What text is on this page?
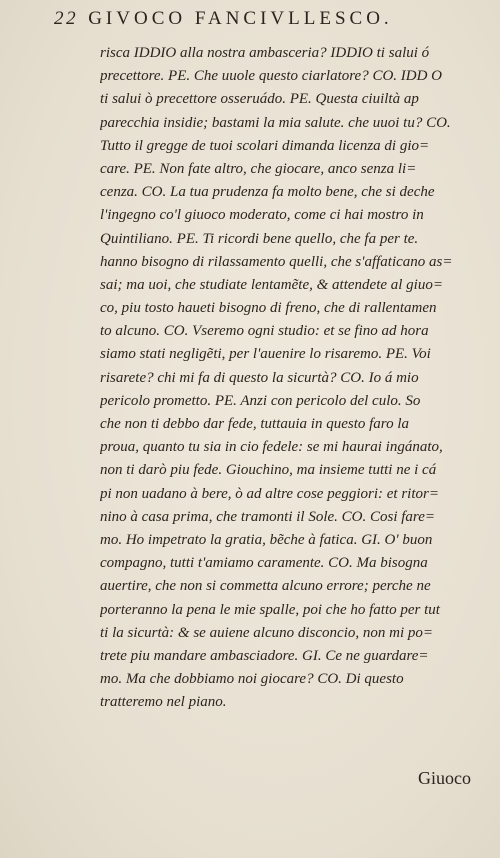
22 GIVOCO FANCIVLLESCO.
risca IDDIO alla nostra ambasceria? IDDIO ti salui ó
precettore. PE. Che uuole questo ciarlatore? CO. IDD O
ti salui ò precettore osseruádo. PE. Questa ciuiltà ap
parecchia insidie; bastami la mia salute. che uuoi tu? CO.
Tutto il gregge de tuoi scolari dimanda licenza di gio=
care. PE. Non fate altro, che giocare, anco senza li=
cenza. CO. La tua prudenza fa molto bene, che si deche
l'ingegno co'l giuoco moderato, come ci hai mostro in
Quintiliano. PE. Ti ricordi bene quello, che fa per te.
hanno bisogno di rilassamento quelli, che s'affaticano as=
sai; ma uoi, che studiate lentamẽte, & attendete al giuo=
co, piu tosto haueti bisogno di freno, che di rallentamen
to alcuno. CO. Vseremo ogni studio: et se fino ad hora
siamo stati negligẽti, per l'auenire lo risaremo. PE. Voi
risarete? chi mi fa di questo la sicurtà? CO. Io á mio
pericolo prometto. PE. Anzi con pericolo del culo. So
che non ti debbo dar fede, tuttauia in questo faro la
proua, quanto tu sia in cio fedele: se mi haurai ingánato,
non ti darò piu fede. Giouchino, ma insieme tutti ne i cá
pi non uadano à bere, ò ad altre cose peggiori: et ritor=
nino à casa prima, che tramonti il Sole. CO. Cosi fare=
mo. Ho impetrato la gratia, bẽche à fatica. GI. O' buon
compagno, tutti t'amiamo caramente. CO. Ma bisogna
auertire, che non si commetta alcuno errore; perche ne
porteranno la pena le mie spalle, poi che ho fatto per tut
ti la sicurtà: & se auiene alcuno disconcio, non mi po=
trete piu mandare ambasciadore. GI. Ce ne guardare=
mo. Ma che dobbiamo noi giocare? CO. Di questo
tratteremo nel piano.
Giuoco
